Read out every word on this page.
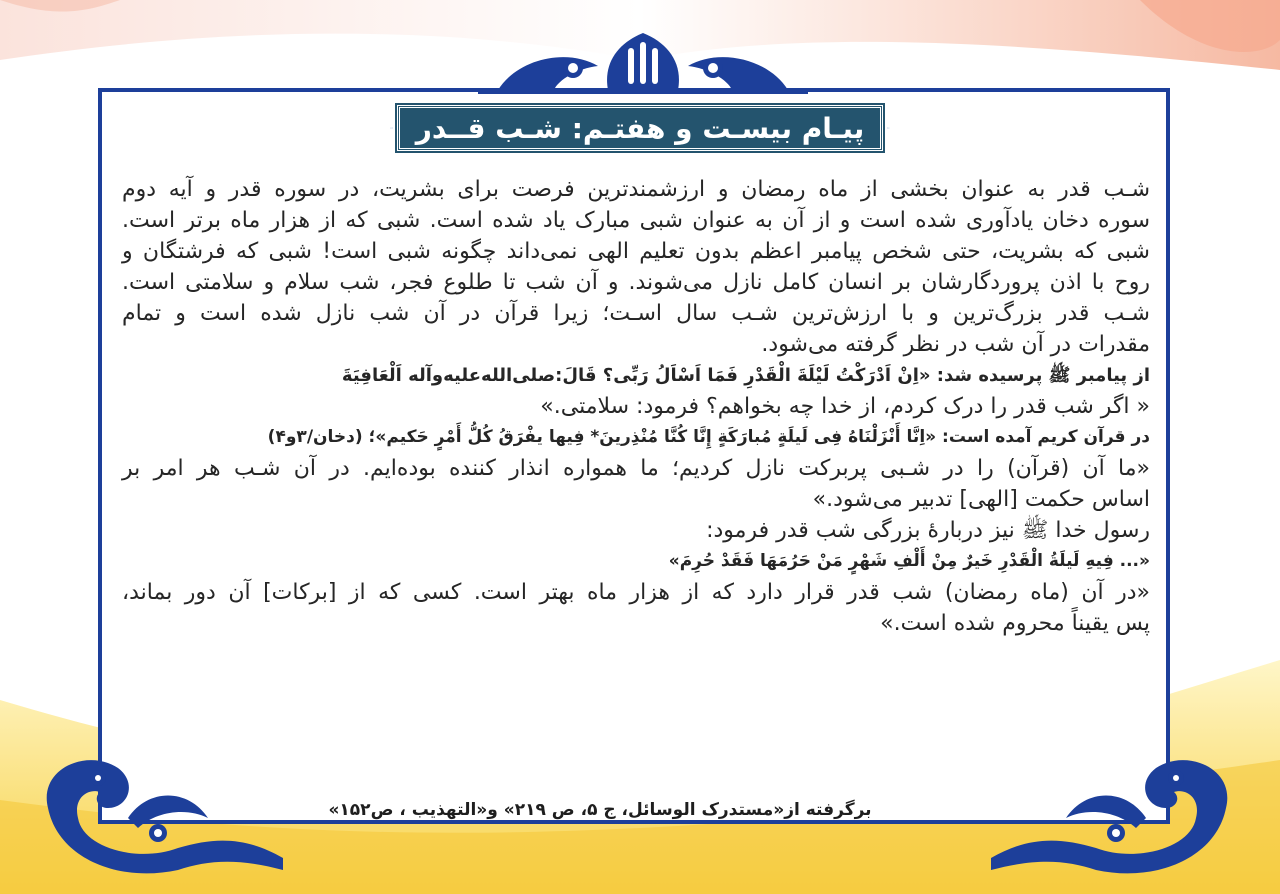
پیـام بیسـت و هفتـم: شـب قــدر
شـب قدر به عنوان بخشی از ماه رمضان و ارزشمندترین فرصت برای بشریت، در سوره قدر و آیه دوم
سوره دخان یادآوری شده است و از آن به عنوان شبی مبارک یاد شده است. شبی که از هزار ماه برتر است.
شبی که بشریت، حتی شخص پیامبر اعظم بدون تعلیم الهی نمی‌داند چگونه شبی است! شبی که فرشتگان و
روح با اذن پروردگارشان بر انسان کامل نازل می‌شوند. و آن شب تا طلوع فجر، شب سلام و سلامتی است.
شـب قدر بزرگ‌ترین و با ارزش‌ترین شـب سال اسـت؛ زیرا قرآن در آن شب نازل شده است و تمام
مقدرات در آن شب در نظر گرفته می‌شود.
از پیامبر ﷺ پرسیده شد: «اِنْ اَدْرَکْتُ لَیْلَةَ الْقَدْرِ فَمَا اَسْاَلُ رَبِّی؟ قَالَ:صلی‌الله‌علیه‌وآله اَلْعَافِیَةَ
« اگر شب قدر را درک کردم، از خدا چه بخواهم؟ فرمود: سلامتی.»
در قرآن کریم آمده است: «اِنَّا أَنْزَلْنَاهُ فِی لَیلَةٍ مُبارَکَةٍ إِنَّا کُنَّا مُنْذِرینَ* فِیها یفْرَقُ کُلُّ أَمْرٍ حَکیم»؛ (دخان/۳و۴)
«ما آن (قرآن) را در شـبی پربرکت نازل کردیم؛ ما همواره انذار کننده بوده‌ایم. در آن شـب هر امر بر
اساس حکمت [الهی] تدبیر می‌شود.»
رسول خدا ﷺ نیز دربارهٔ بزرگی شب قدر فرمود:
«... فِیهِ لَیلَةُ الْقَدْرِ خَیرٌ مِنْ أَلْفِ شَهْرٍ مَنْ حَرُمَهَا فَقَدْ حُرِمَ»
«در آن (ماه رمضان) شب قدر قرار دارد که از هزار ماه بهتر است. کسی که از [برکات] آن دور بماند،
پس یقیناً محروم شده است.»
برگرفته از«مستدرک الوسائل، ج ۵، ص ۲۱۹» و«التهذیب ، ص۱۵۲»
